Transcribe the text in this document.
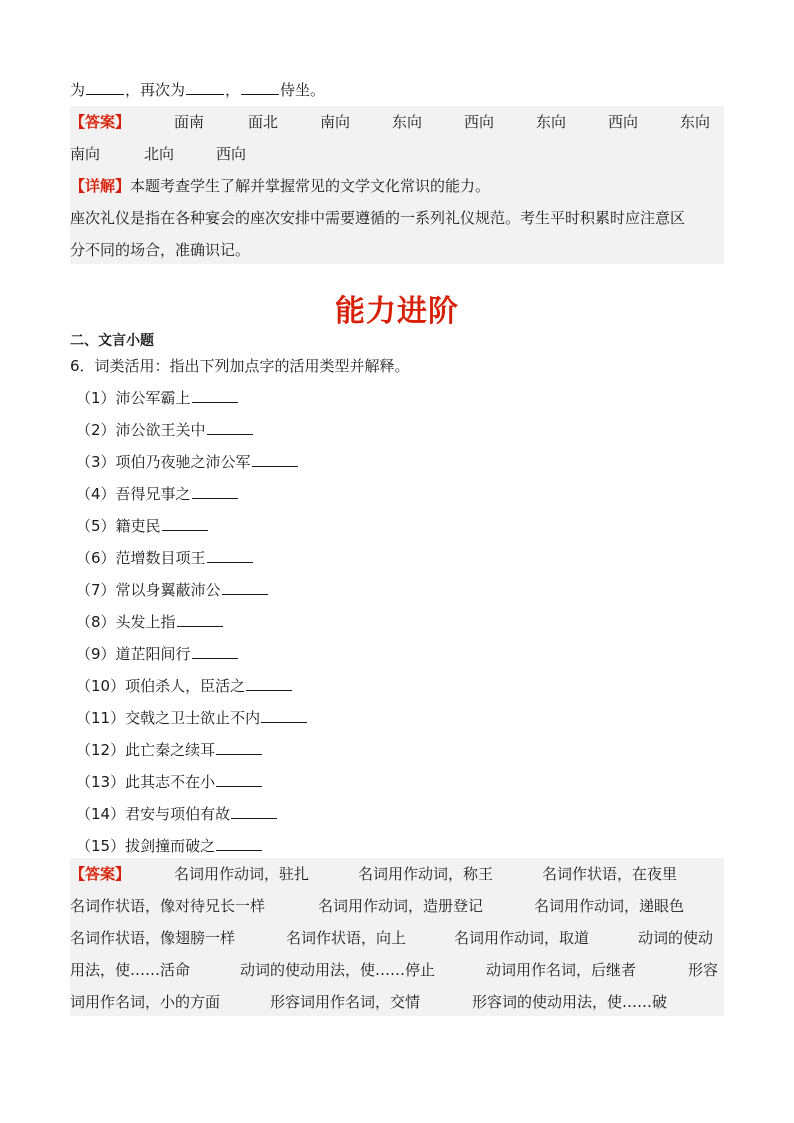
为	，再次为	，	侍坐。
【答案】	面南	面北	南向	东向	西向	东向	西向	东向
南向	北向	西向
【详解】本题考查学生了解并掌握常见的文学文化常识的能力。
座次礼仪是指在各种宴会的座次安排中需要遵循的一系列礼仪规范。考生平时积累时应注意区
分不同的场合，准确识记。
能力进阶
二、文言小题
6．词类活用：指出下列加点字的活用类型并解释。
（1）沛公军霸上
（2）沛公欲王关中
（3）项伯乃夜驰之沛公军
（4）吾得兄事之
（5）籍吏民
（6）范增数目项王
（7）常以身翼蔽沛公
（8）头发上指
（9）道芷阳间行
（10）项伯杀人，臣活之
（11）交戟之卫士欲止不内
（12）此亡秦之续耳
（13）此其志不在小
（14）君安与项伯有故
（15）拔剑撞而破之
【答案】	名词用作动词，驻扎	名词用作动词，称王	名词作状语，在夜里
名词作状语，像对待兄长一样	名词用作动词，造册登记	名词用作动词，递眼色
名词作状语，像翅膀一样	名词作状语，向上	名词用作动词，取道	动词的使动
用法，使……活命	动词的使动用法，使……停止	动词用作名词，后继者	形容
词用作名词，小的方面	形容词用作名词，交情	形容词的使动用法，使……破
